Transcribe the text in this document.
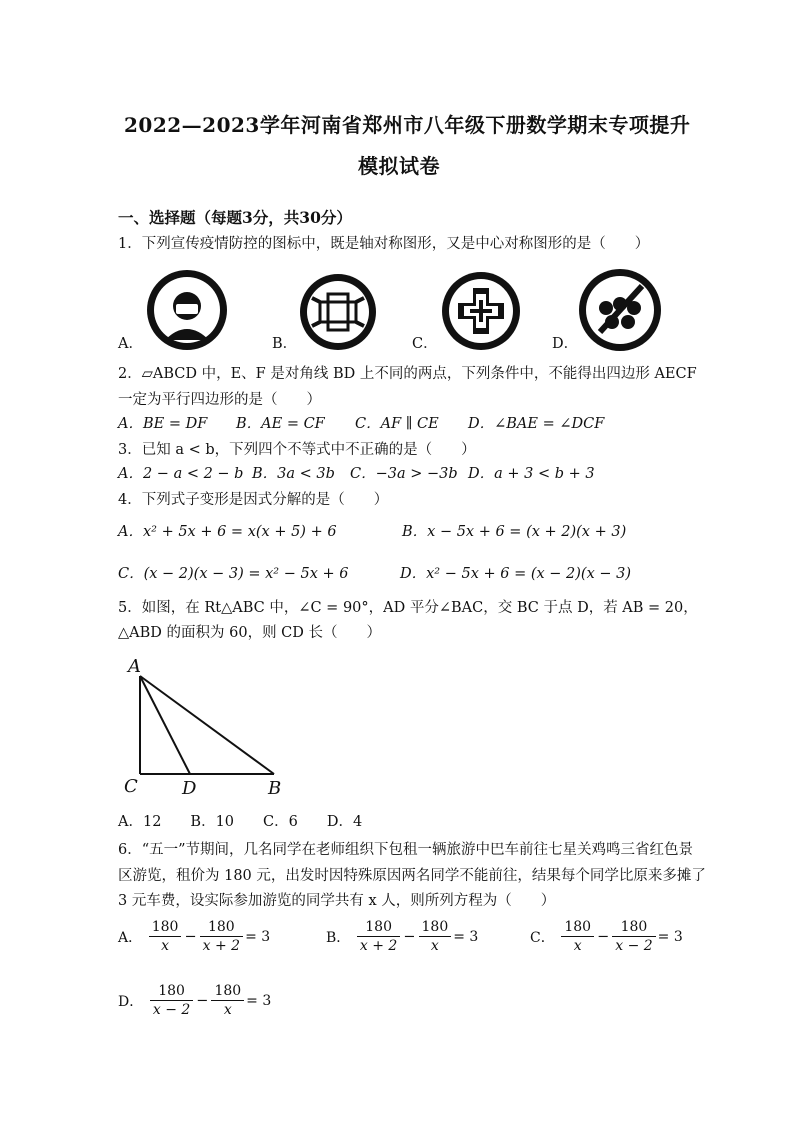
2022—2023学年河南省郑州市八年级下册数学期末专项提升
模拟试卷
一、选择题（每题3分，共30分）
1．下列宣传疫情防控的图标中，既是轴对称图形，又是中心对称图形的是（　　）
A．	B．	C．	D．
2．▱ABCD 中，E、F 是对角线 BD 上不同的两点，下列条件中，不能得出四边形 AECF
一定为平行四边形的是（　　）
A．BE = DF B．AE = CF C．AF ∥ CE D．∠BAE = ∠DCF
3．已知 a < b，下列四个不等式中不正确的是（　　）
A．2 − a < 2 − b B．3a < 3b C．−3a > −3b D．a + 3 < b + 3
4．下列式子变形是因式分解的是（　　）
A．x² + 5x + 6 = x(x + 5) + 6	B．x − 5x + 6 = (x + 2)(x + 3)
C．(x − 2)(x − 3) = x² − 5x + 6	D．x² − 5x + 6 = (x − 2)(x − 3)
5．如图，在 Rt△ABC 中，∠C = 90°，AD 平分∠BAC，交 BC 于点 D，若 AB = 20，
△ABD 的面积为 60，则 CD 长（　　）
A
C D	B
A．12　　B．10　　C．6　　D．4
6．“五一”节期间，几名同学在老师组织下包租一辆旅游中巴车前往七星关鸡鸣三省红色景
区游览，租价为 180 元，出发时因特殊原因两名同学不能前往，结果每个同学比原来多摊了
3 元车费，设实际参加游览的同学共有 x 人，则所列方程为（　　）
A． $\frac{180}{x} - \frac{180}{x + 2} = 3$	B． $\frac{180}{x + 2} - \frac{180}{x} = 3$	C． $\frac{180}{x} - \frac{180}{x - 2} = 3$
D． $\frac{180}{x - 2} - \frac{180}{x} = 3$
